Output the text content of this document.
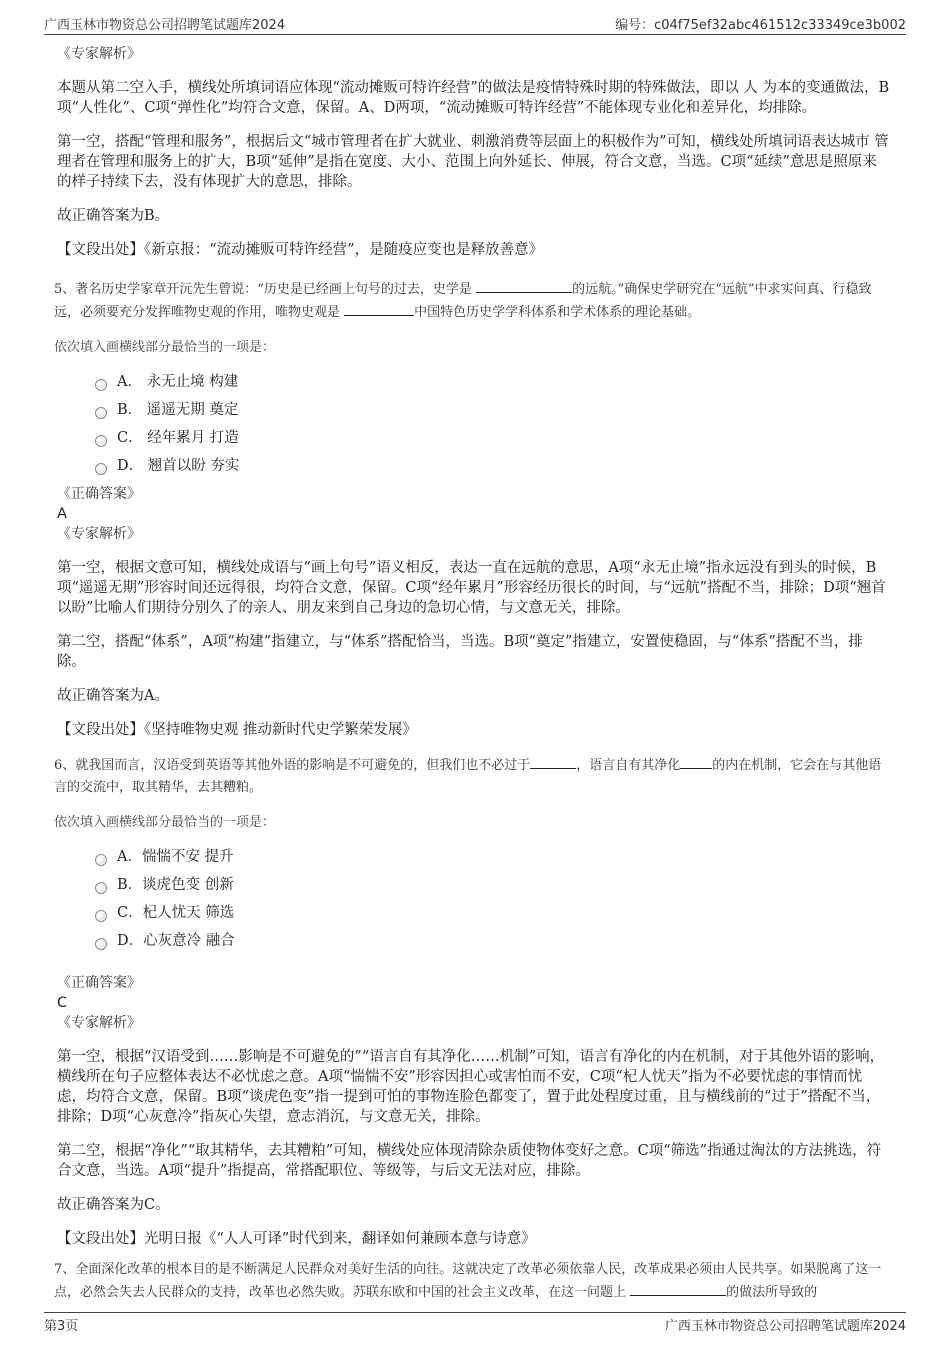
广西玉林市物资总公司招聘笔试题库2024	编号：c04f75ef32abc461512c33349ce3b002
《专家解析》

本题从第二空入手，横线处所填词语应体现“流动摊贩可特许经营”的做法是疫情特殊时期的特殊做法，即以 人 为本的变通做法，B项“人性化”、C项“弹性化”均符合文意，保留。A、D两项，“流动摊贩可特许经营”不能体现专业化和差异化，均排除。

第一空，搭配“管理和服务”，根据后文“城市管理者在扩大就业、刺激消费等层面上的积极作为”可知，横线处所填词语表达城市 管理者在管理和服务上的扩大，B项“延伸”是指在宽度、大小、范围上向外延长、伸展，符合文意，当选。C项“延续”意思是照原来的样子持续下去，没有体现扩大的意思，排除。

故正确答案为B。
【文段出处】《新京报：“流动摊贩可特许经营”，是随疫应变也是释放善意》
5、著名历史学家章开沅先生曾说：“历史是已经画上句号的过去，史学是	的远航。”确保史学研究在“远航”中求实问真、行稳致远，必须要充分发挥唯物史观的作用，唯物史观是	中国特色历史学学科体系和学术体系的理论基础。
依次填入画横线部分最恰当的一项是：
A． 永无止境 构建
B． 遥遥无期 奠定
C． 经年累月 打造
D． 翘首以盼 夯实
《正确答案》
A
《专家解析》

第一空，根据文意可知，横线处成语与“画上句号”语义相反，表达一直在远航的意思，A项“永无止境”指永远没有到头的时候，B项“遥遥无期”形容时间还远得很，均符合文意，保留。C项“经年累月”形容经历很长的时间，与“远航”搭配不当，排除；D项“翘首以盼”比喻人们期待分别久了的亲人、朋友来到自己身边的急切心情，与文意无关，排除。

第二空，搭配“体系”，A项“构建”指建立，与“体系”搭配恰当，当选。B项“奠定”指建立，安置使稳固，与“体系”搭配不当，排除。

故正确答案为A。
【文段出处】《坚持唯物史观 推动新时代史学繁荣发展》
6、就我国而言，汉语受到英语等其他外语的影响是不可避免的，但我们也不必过于	，语言自有其净化 的内在机制，它会在与其他语言的交流中，取其精华，去其糟粕。
依次填入画横线部分最恰当的一项是：
A．惴惴不安 提升
B．谈虎色变 创新
C．杞人忧天 筛选
D．心灰意冷 融合
《正确答案》
C
《专家解析》

第一空，根据“汉语受到……影响是不可避免的”“语言自有其净化……机制”可知，语言有净化的内在机制，对于其他外语的影响，横线所在句子应整体表达不必忧虑之意。A项“惴惴不安”形容因担心或害怕而不安，C项“杞人忧天”指为不必要忧虑的事情而忧虑，均符合文意，保留。B项“谈虎色变”指一提到可怕的事物连脸色都变了，置于此处程度过重，且与横线前的“过于”搭配不当，排除；D项“心灰意冷”指灰心失望，意志消沉，与文意无关，排除。

第二空，根据“净化”“取其精华，去其糟粕”可知，横线处应体现清除杂质使物体变好之意。C项“筛选”指通过淘汰的方法挑选，符合文意，当选。A项“提升”指提高，常搭配职位、等级等，与后文无法对应，排除。

故正确答案为C。
【文段出处】光明日报《“人人可译”时代到来，翻译如何兼顾本意与诗意》
7、全面深化改革的根本目的是不断满足人民群众对美好生活的向往。这就决定了改革必须依靠人民，改革成果必须由人民共享。如果脱离了这一点，必然会失去人民群众的支持，改革也必然失败。苏联东欧和中国的社会主义改革，在这一问题上	的做法所导致的
第3页	广西玉林市物资总公司招聘笔试题库2024
